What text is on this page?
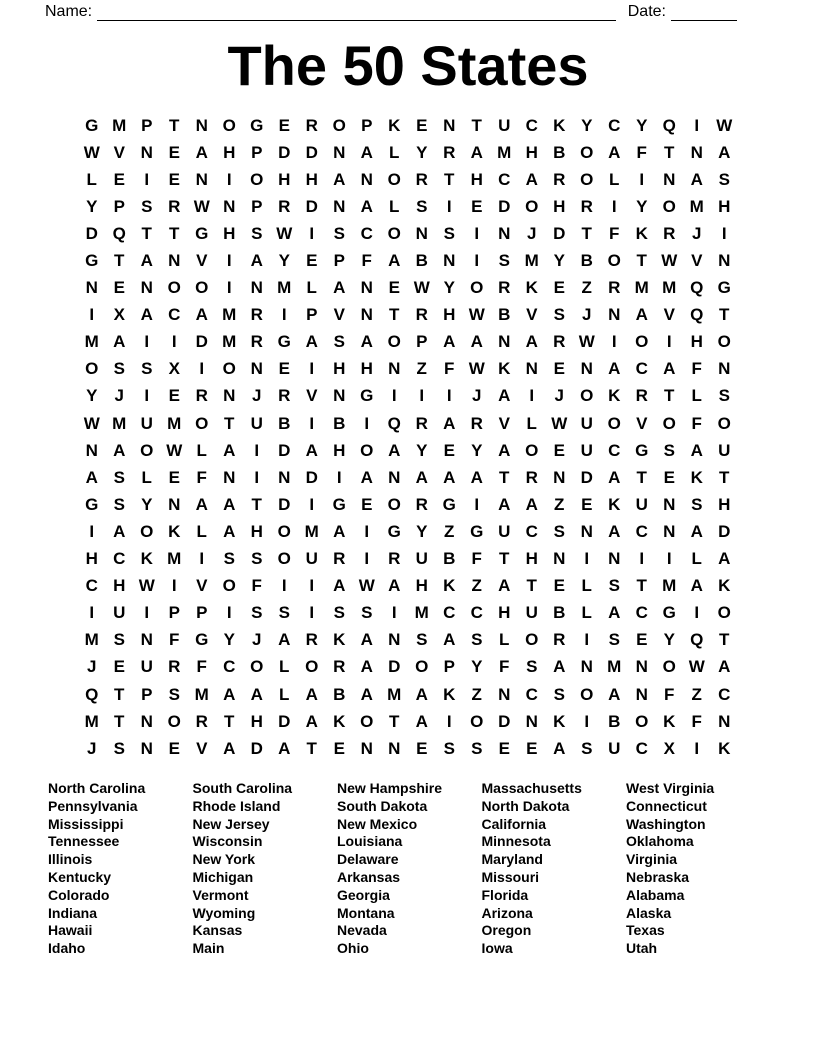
Name:	Date:
The 50 States
G M P T N O G E R O P K E N T U C K Y C Y Q	I	W
W V N E A H P D D N A L Y R A M H B O A F	T N A
L E	I	E N	I	O H H A N O R T H C A R O L	I	N A S
Y P S R W N P R D N A L S	I	E D O H R	I	Y O M H
D Q T	T G H S W	I	S C O N S	I	N J D T	F K R J	I
G T A N V	I	A Y E P F A B N	I	S M Y B O T W V N
N E N O O	I	N M L A N E W Y O R K E Z R M M Q G
I	X A C A M R	I	P V N T R H W B V S	J N A V Q T
M A	I	I	D M R G A S A O P A A N A R W	I	O	I	H O
O S S X	I	O N E	I	H H N Z	F W K N E N A C A F N
Y	J	I	E R N J R V N G	I	I	I	J A	I	J O K R T	L S
W M U M O T U B	I	B	I	Q R A R V L W U O V O F O
N A O W L A	I	D A H O A Y E Y A O E U C G S A U
A S L E F N	I	N D	I	A N A A A T R N D A T E K T
G S Y N A A T D	I	G E O R G	I	A A Z E K U N S H
I	A O K L A H O M A	I	G Y Z G U C S N A C N A D
H C K M	I	S S O U R	I	R U B F	T H N	I	N	I	I	L A
C H W	I	V O F	I	I	A W A H K Z A T E L S T M A K
I	U	I	P P	I	S S	I	S S	I	M C C H U B L A C G	I	O
M S N F G Y	J A R K A N S A S L O R	I	S E Y Q T
J	E U R F C O L O R A D O P Y F S A N M N O W A
Q T P S M A A L A B A M A K Z N C S O A N F	Z C
M T N O R T H D A K O T A	I	O D N K	I	B O K F N
J	S N E V A D A T E N N E S S E E A S U C X	I	K
North Carolina
Pennsylvania
Mississippi
Tennessee
Illinois
Kentucky
Colorado
Indiana
Hawaii
Idaho
South Carolina
Rhode Island
New Jersey
Wisconsin
New York
Michigan
Vermont
Wyoming
Kansas
Main
New Hampshire
South Dakota
New Mexico
Louisiana
Delaware
Arkansas
Georgia
Montana
Nevada
Ohio
Massachusetts
North Dakota
California
Minnesota
Maryland
Missouri
Florida
Arizona
Oregon
Iowa
West Virginia
Connecticut
Washington
Oklahoma
Virginia
Nebraska
Alabama
Alaska
Texas
Utah
